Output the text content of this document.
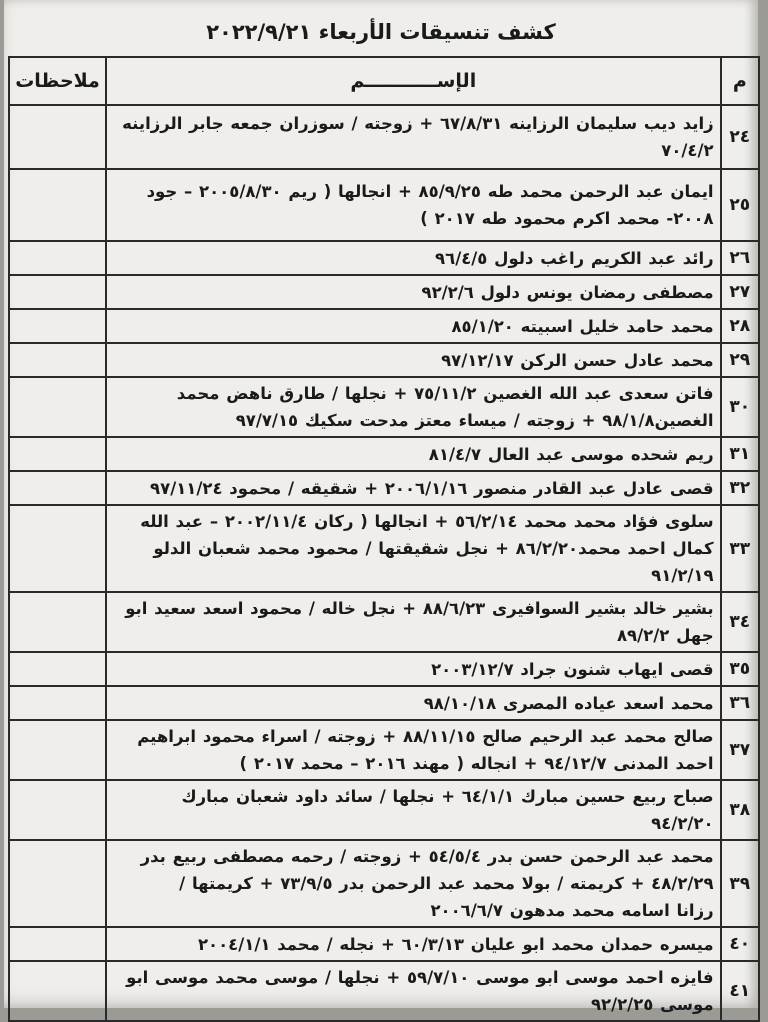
كشف تنسيقات الأربعاء ٢٠٢٢/٩/٢١
م	الإســـــــــــم	ملاحظات
٢٤	زايد ديب سليمان الرزاينه ٦٧/٨/٣١ + زوجته / سوزران جمعه جابر الرزاينه
٧٠/٤/٢	

٢٥	ايمان عبد الرحمن محمد طه ٨٥/٩/٢٥ + انجالها ( ريم ٢٠٠٥/٨/٣٠ – جود
٢٠٠٨- محمد اكرم محمود طه ٢٠١٧ )	

٢٦	رائد عبد الكريم راغب دلول ٩٦/٤/٥	

٢٧	مصطفى رمضان يونس دلول ٩٢/٢/٦	

٢٨	محمد حامد خليل اسبيته ٨٥/١/٢٠	

٢٩	محمد عادل حسن الركن ٩٧/١٢/١٧	

٣٠	فاتن سعدى عبد الله الغصين ٧٥/١١/٢ + نجلها / طارق ناهض محمد
الغصين٩٨/١/٨ + زوجته / ميساء معتز مدحت سكيك ٩٧/٧/١٥	

٣١	ريم شحده موسى عبد العال ٨١/٤/٧	

٣٢	قصى عادل عبد القادر منصور ٢٠٠٦/١/١٦ + شقيقه / محمود ٩٧/١١/٢٤	

٣٣	سلوى فؤاد محمد محمد ٥٦/٢/١٤ + انجالها ( ركان ٢٠٠٢/١١/٤ – عبد الله
كمال احمد محمد٨٦/٢/٢٠ + نجل شقيقتها / محمود محمد شعبان الدلو
٩١/٢/١٩	

٣٤	بشير خالد بشير السوافيرى ٨٨/٦/٢٣ + نجل خاله / محمود اسعد سعيد ابو
جهل ٨٩/٢/٢	

٣٥	قصى ايهاب شنون جراد ٢٠٠٣/١٢/٧	

٣٦	محمد اسعد عياده المصرى ٩٨/١٠/١٨	

٣٧	صالح محمد عبد الرحيم صالح ٨٨/١١/١٥ + زوجته / اسراء محمود ابراهيم
احمد المدنى ٩٤/١٢/٧ + انجاله ( مهند ٢٠١٦ – محمد ٢٠١٧ )	

٣٨	صباح ربيع حسين مبارك ٦٤/١/١ + نجلها / سائد داود شعبان مبارك
٩٤/٢/٢٠	

٣٩	محمد عبد الرحمن حسن بدر ٥٤/٥/٤ + زوجته / رحمه مصطفى ربيع بدر
٤٨/٢/٢٩ + كريمته / بولا محمد عبد الرحمن بدر ٧٣/٩/٥ + كريمتها /
رزانا اسامه محمد مدهون ٢٠٠٦/٦/٧	

٤٠	ميسره حمدان محمد ابو عليان ٦٠/٣/١٣ + نجله / محمد ٢٠٠٤/١/١	

٤١	فايزه احمد موسى ابو موسى ٥٩/٧/١٠ + نجلها / موسى محمد موسى ابو
موسى ٩٢/٢/٢٥	
